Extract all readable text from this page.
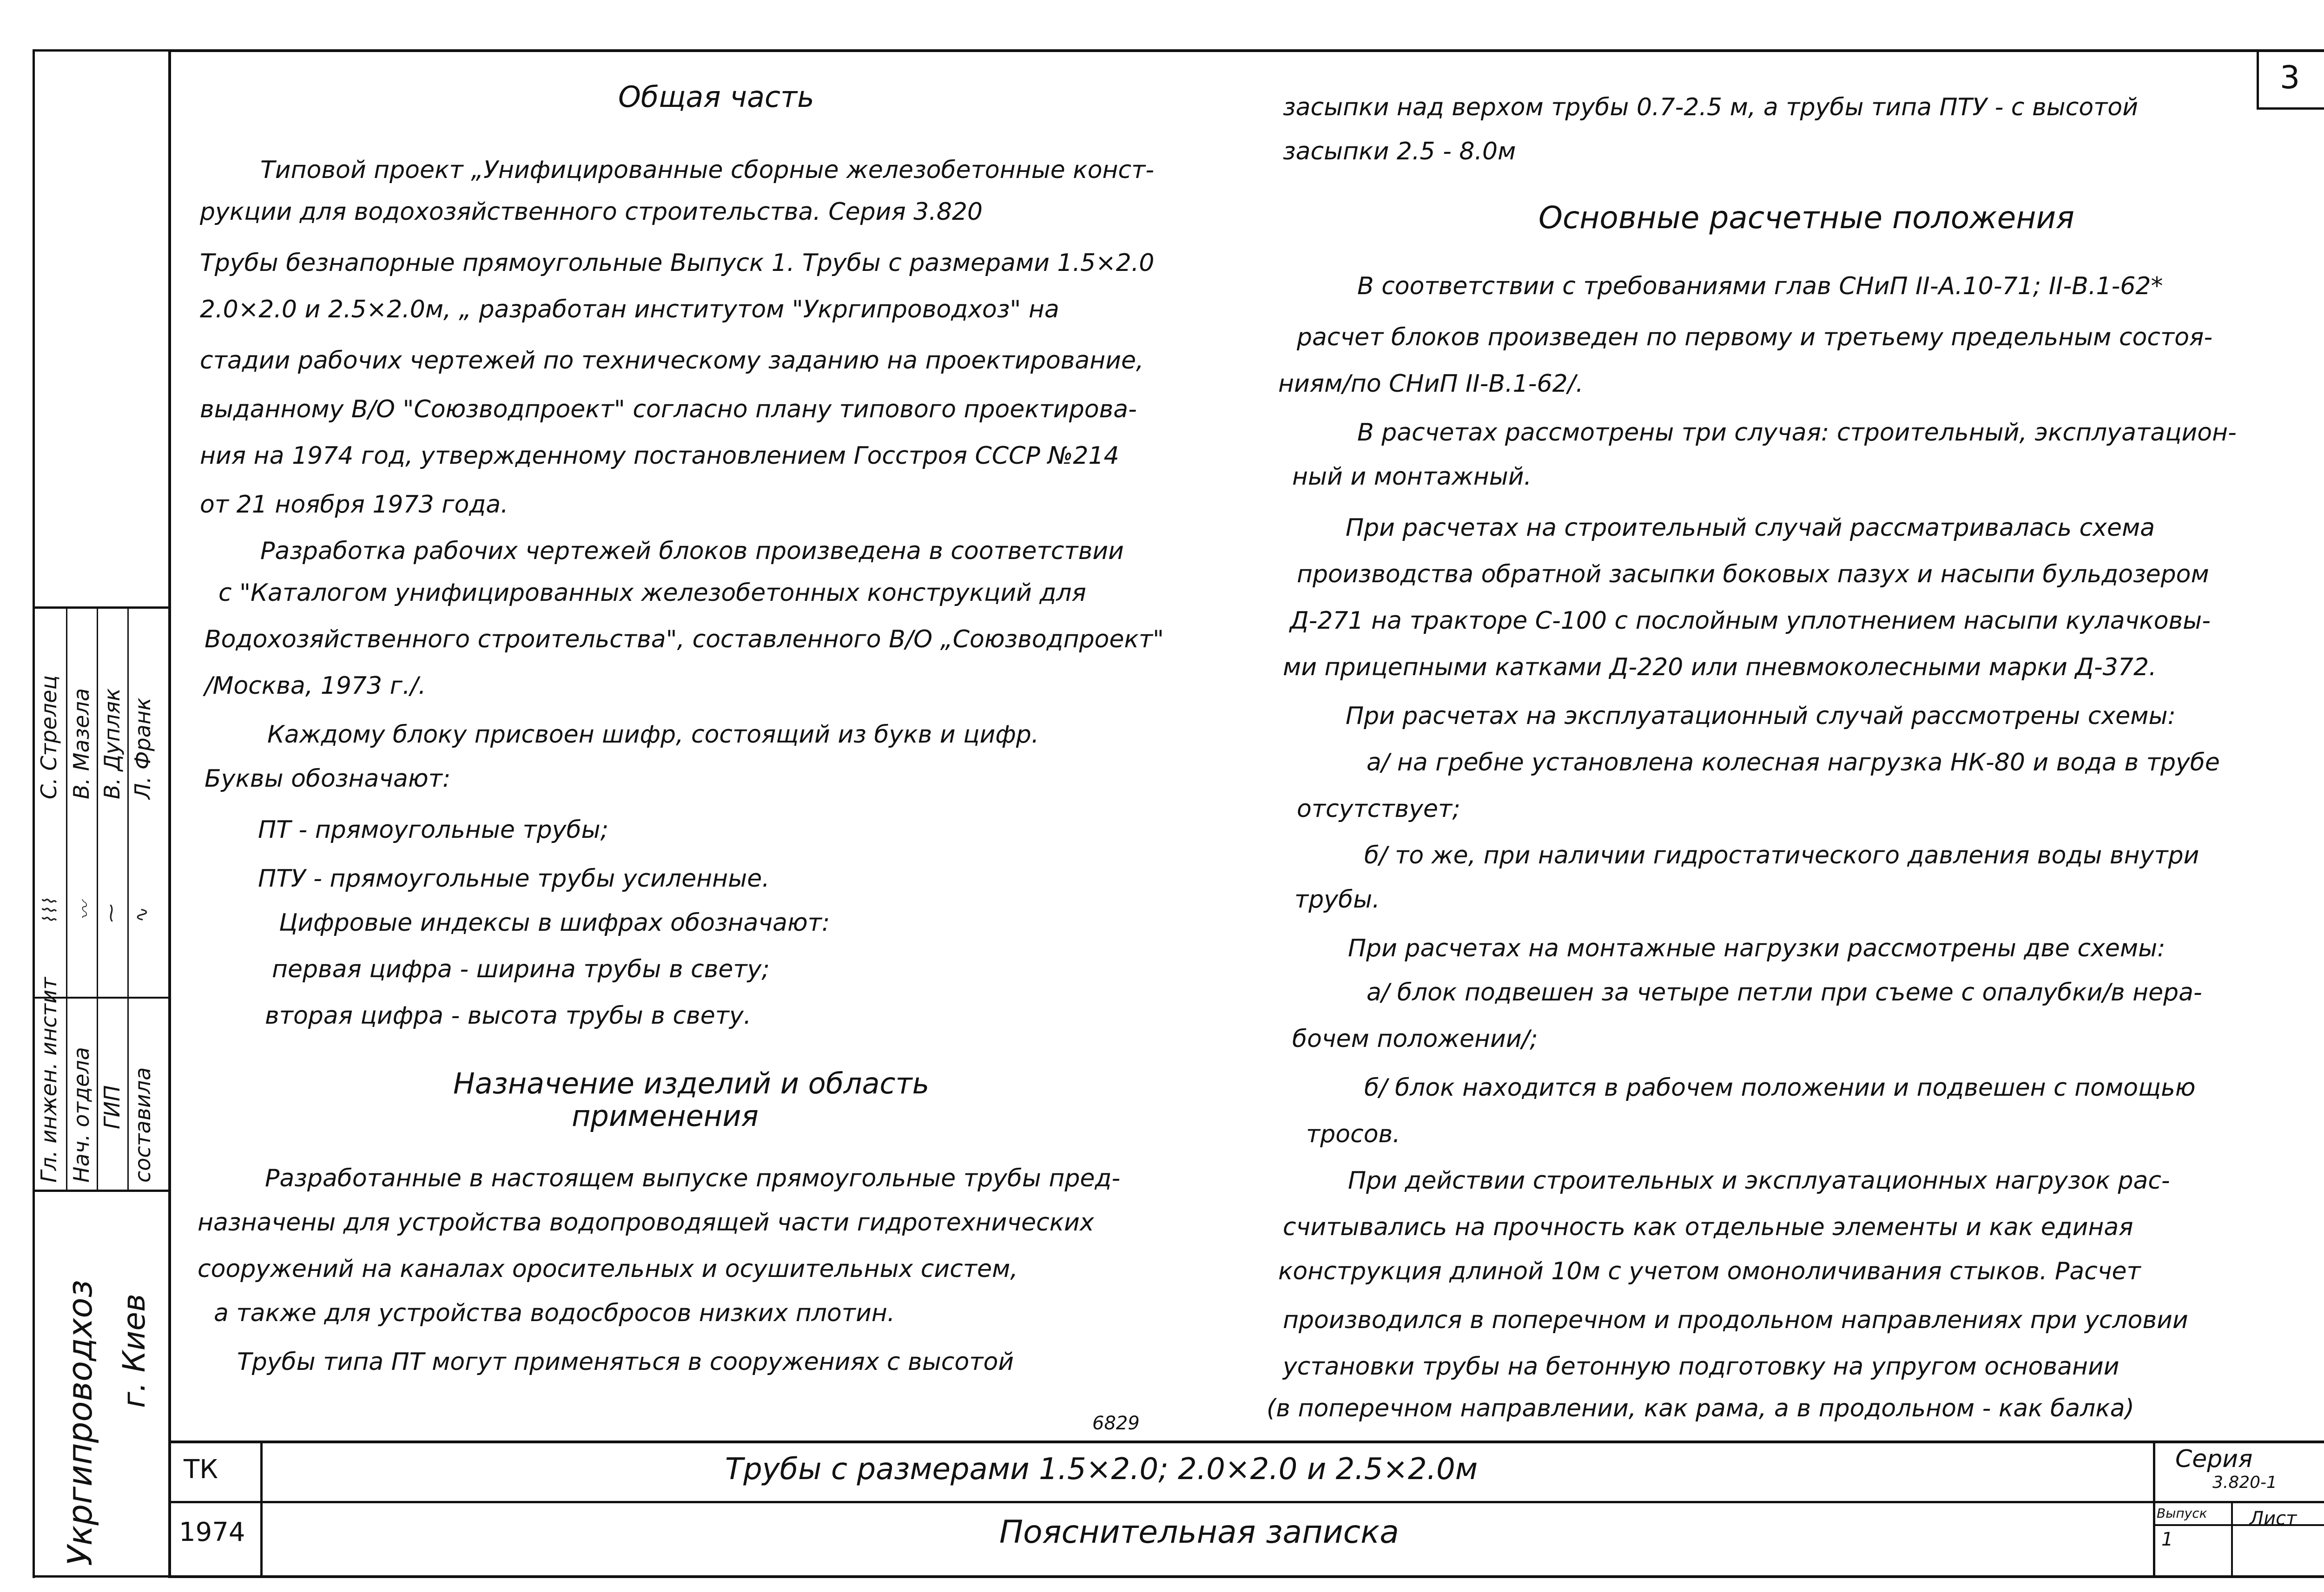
3
Общая часть
Типовой проект „Унифицированные сборные железобетонные конст-
рукции для водохозяйственного строительства. Серия 3.820
Трубы безнапорные прямоугольные Выпуск 1. Трубы с размерами 1.5×2.0
2.0×2.0 и 2.5×2.0м, „ разработан институтом "Укргипроводхоз" на
стадии рабочих чертежей по техническому заданию на проектирование,
выданному В/О "Союзводпроект" согласно плану типового проектирова-
ния на 1974 год, утвержденному постановлением Госстроя СССР №214
от 21 ноября 1973 года.
Разработка рабочих чертежей блоков произведена в соответствии
с "Каталогом унифицированных железобетонных конструкций для
Водохозяйственного строительства", составленного В/О „Союзводпроект"
/Москва, 1973 г./.
Каждому блоку присвоен шифр, состоящий из букв и цифр.
Буквы обозначают:
ПТ - прямоугольные трубы;
ПТУ - прямоугольные трубы усиленные.
Цифровые индексы в шифрах обозначают:
первая цифра - ширина трубы в свету;
вторая цифра - высота трубы в свету.
Назначение изделий и область
применения
Разработанные в настоящем выпуске прямоугольные трубы пред-
назначены для устройства водопроводящей части гидротехнических
сооружений на каналах оросительных и осушительных систем,
а также для устройства водосбросов низких плотин.
Трубы типа ПТ могут применяться в сооружениях с высотой
засыпки над верхом трубы 0.7-2.5 м, а трубы типа ПТУ - с высотой
засыпки 2.5 - 8.0м
Основные расчетные положения
В соответствии с требованиями глав СНиП II-А.10-71; II-В.1-62*
расчет блоков произведен по первому и третьему предельным состоя-
ниям/по СНиП II-В.1-62/.
В расчетах рассмотрены три случая: строительный, эксплуатацион-
ный и монтажный.
При расчетах на строительный случай рассматривалась схема
производства обратной засыпки боковых пазух и насыпи бульдозером
Д-271 на тракторе С-100 с послойным уплотнением насыпи кулачковы-
ми прицепными катками Д-220 или пневмоколесными марки Д-372.
При расчетах на эксплуатационный случай рассмотрены схемы:
а/ на гребне установлена колесная нагрузка НК-80 и вода в трубе
отсутствует;
б/ то же, при наличии гидростатического давления воды внутри
трубы.
При расчетах на монтажные нагрузки рассмотрены две схемы:
а/ блок подвешен за четыре петли при съеме с опалубки/в нера-
бочем положении/;
б/ блок находится в рабочем положении и подвешен с помощью
тросов.
При действии строительных и эксплуатационных нагрузок рас-
считывались на прочность как отдельные элементы и как единая
конструкция длиной 10м с учетом омоноличивания стыков. Расчет
производился в поперечном и продольном направлениях при условии
установки трубы на бетонную подготовку на упругом основании
(в поперечном направлении, как рама, а в продольном - как балка)
6829
ТК
1974
Трубы с размерами 1.5×2.0; 2.0×2.0 и 2.5×2.0м
Пояснительная записка
Серия
3.820-1
Выпуск
1
Лист
Гл. инжен. инстит Нач. отдела ГИП составила
⌇⌇⌇ 〰 ⁓ ∿
С. Стрелец В. Мазела В. Дупляк Л. Франк
Укргипроводхоз г. Киев
